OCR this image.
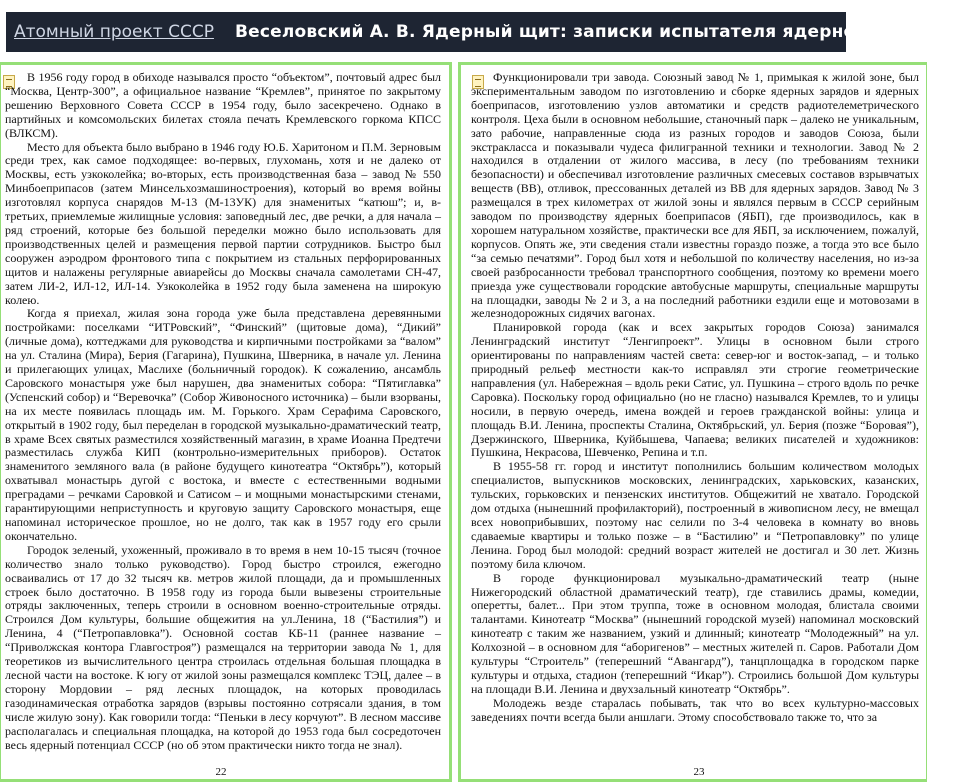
Атомный проект СССР Веселовский А. В. Ядерный щит: записки испытателя ядерного оружия...

В 1956 году город в обиходе назывался просто “объектом”, почтовый адрес был “Москва, Центр-300”, а официальное название “Кремлев”, принятое по закрытому решению Верховного Совета СССР в 1954 году, было засекречено. Однако в партийных и комсомольских билетах стояла печать Кремлевского горкома КПСС (ВЛКСМ).

Место для объекта было выбрано в 1946 году Ю.Б. Харитоном и П.М. Зерновым среди трех, как самое подходящее: во-первых, глухомань, хотя и не далеко от Москвы, есть узкоколейка; во-вторых, есть производственная база – завод № 550 Минбоеприпасов (затем Минсельхозмашиностроения), который во время войны изготовлял корпуса снарядов М-13 (М-13УК) для знаменитых “катюш”; и, в-третьих, приемлемые жилищные условия: заповедный лес, две речки, а для начала – ряд строений, которые без большой переделки можно было использовать для производственных целей и размещения первой партии сотрудников. Быстро был сооружен аэродром фронтового типа с покрытием из стальных перфорированных щитов и налажены регулярные авиарейсы до Москвы сначала самолетами СН-47, затем ЛИ-2, ИЛ-12, ИЛ-14. Узкоколейка в 1952 году была заменена на широкую колею.

Когда я приехал, жилая зона города уже была представлена деревянными постройками: поселками “ИТРовский”, “Финский” (щитовые дома), “Дикий” (личные дома), коттеджами для руководства и кирпичными постройками за “валом” на ул. Сталина (Мира), Берия (Гагарина), Пушкина, Шверника, в начале ул. Ленина и прилегающих улицах, Маслихе (больничный городок). К сожалению, ансамбль Саровского монастыря уже был нарушен, два знаменитых собора: “Пятиглавка” (Успенский собор) и “Веревочка” (Собор Живоносного источника) – были взорваны, на их месте появилась площадь им. М. Горького. Храм Серафима Саровского, открытый в 1902 году, был переделан в городской музыкально-драматический театр, в храме Всех святых разместился хозяйственный магазин, в храме Иоанна Предтечи разместилась служба КИП (контрольно-измерительных приборов). Остаток знаменитого земляного вала (в районе будущего кинотеатра “Октябрь”), который охватывал монастырь дугой с востока, и вместе с естественными водными преградами – речками Саровкой и Сатисом – и мощными монастырскими стенами, гарантирующими неприступность и круговую защиту Саровского монастыря, еще напоминал историческое прошлое, но не долго, так как в 1957 году его срыли окончательно.

Городок зеленый, ухоженный, проживало в то время в нем 10-15 тысяч (точное количество знало только руководство). Город быстро строился, ежегодно осваивались от 17 до 32 тысяч кв. метров жилой площади, да и промышленных строек было достаточно. В 1958 году из города были вывезены строительные отряды заключенных, теперь строили в основном военно-строительные отряды. Строился Дом культуры, большие общежития на ул.Ленина, 18 (“Бастилия”) и Ленина, 4 (“Петропавловка”). Основной состав КБ-11 (раннее название – “Приволжская контора Главгостроя”) размещался на территории завода № 1, для теоретиков из вычислительного центра строилась отдельная большая площадка в лесной части на востоке. К югу от жилой зоны размещался комплекс ТЭЦ, далее – в сторону Мордовии – ряд лесных площадок, на которых проводилась газодинамическая отработка зарядов (взрывы постоянно сотрясали здания, в том числе жилую зону). Как говорили тогда: “Пеньки в лесу корчуют”. В лесном массиве располагалась и специальная площадка, на которой до 1953 года был сосредоточен весь ядерный потенциал СССР (но об этом практически никто тогда не знал).

22

Функционировали три завода. Союзный завод № 1, примыкая к жилой зоне, был экспериментальным заводом по изготовлению и сборке ядерных зарядов и ядерных боеприпасов, изготовлению узлов автоматики и средств радиотелеметрического контроля. Цеха были в основном небольшие, станочный парк – далеко не уникальным, зато рабочие, направленные сюда из разных городов и заводов Союза, были экстракласса и показывали чудеса филигранной техники и технологии. Завод № 2 находился в отдалении от жилого массива, в лесу (по требованиям техники безопасности) и обеспечивал изготовление различных смесевых составов взрывчатых веществ (ВВ), отливок, прессованных деталей из ВВ для ядерных зарядов. Завод № 3 размещался в трех километрах от жилой зоны и являлся первым в СССР серийным заводом по производству ядерных боеприпасов (ЯБП), где производилось, как в хорошем натуральном хозяйстве, практически все для ЯБП, за исключением, пожалуй, корпусов. Опять же, эти сведения стали известны гораздо позже, а тогда это все было “за семью печатями”. Город был хотя и небольшой по количеству населения, но из-за своей разбросанности требовал транспортного сообщения, поэтому ко времени моего приезда уже существовали городские автобусные маршруты, специальные маршруты на площадки, заводы № 2 и 3, а на последний работники ездили еще и мотовозами в железнодорожных сидячих вагонах.

Планировкой города (как и всех закрытых городов Союза) занимался Ленинградский институт “Ленгипроект”. Улицы в основном были строго ориентированы по направлениям частей света: север-юг и восток-запад, – и только природный рельеф местности как-то исправлял эти строгие геометрические направления (ул. Набережная – вдоль реки Сатис, ул. Пушкина – строго вдоль по речке Саровка). Поскольку город официально (но не гласно) назывался Кремлев, то и улицы носили, в первую очередь, имена вождей и героев гражданской войны: улица и площадь В.И. Ленина, проспекты Сталина, Октябрьский, ул. Берия (позже “Боровая”), Дзержинского, Шверника, Куйбышева, Чапаева; великих писателей и художников: Пушкина, Некрасова, Шевченко, Репина и т.п.

В 1955-58 гг. город и институт пополнились большим количеством молодых специалистов, выпускников московских, ленинградских, харьковских, казанских, тульских, горьковских и пензенских институтов. Общежитий не хватало. Городской дом отдыха (нынешний профилакторий), построенный в живописном лесу, не вмещал всех новоприбывших, поэтому нас селили по 3-4 человека в комнату во вновь сдаваемые квартиры и только позже – в “Бастилию” и “Петропавловку” по улице Ленина. Город был молодой: средний возраст жителей не достигал и 30 лет. Жизнь поэтому била ключом.

В городе функционировал музыкально-драматический театр (ныне Нижегородский областной драматический театр), где ставились драмы, комедии, оперетты, балет... При этом труппа, тоже в основном молодая, блистала своими талантами. Кинотеатр “Москва” (нынешний городской музей) напоминал московский кинотеатр с таким же названием, узкий и длинный; кинотеатр “Молодежный” на ул. Колхозной – в основном для “аборигенов” – местных жителей п. Саров. Работали Дом культуры “Строитель” (теперешний “Авангард”), танцплощадка в городском парке культуры и отдыха, стадион (теперешний “Икар”). Строились большой Дом культуры на площади В.И. Ленина и двухзальный кинотеатр “Октябрь”.

Молодежь везде старалась побывать, так что во всех культурно-массовых заведениях почти всегда были аншлаги. Этому способствовало также то, что за

23
